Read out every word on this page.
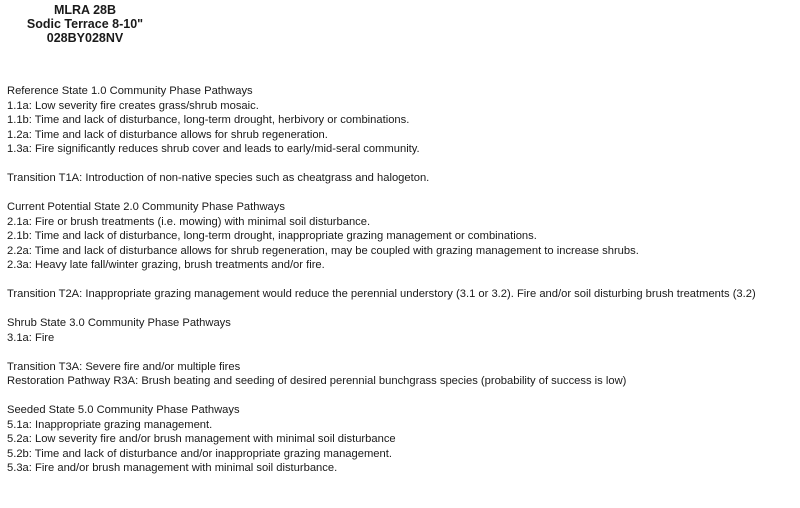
MLRA 28B
Sodic Terrace 8-10"
028BY028NV
Reference State 1.0 Community Phase Pathways
1.1a: Low severity fire creates grass/shrub mosaic.
1.1b: Time and lack of disturbance, long-term drought, herbivory or combinations.
1.2a: Time and lack of disturbance allows for shrub regeneration.
1.3a: Fire significantly reduces shrub cover and leads to early/mid-seral community.
Transition T1A: Introduction of non-native species such as cheatgrass and halogeton.
Current Potential State 2.0 Community Phase Pathways
2.1a: Fire or brush treatments (i.e. mowing) with minimal soil disturbance.
2.1b: Time and lack of disturbance, long-term drought, inappropriate grazing management or combinations.
2.2a: Time and lack of disturbance allows for shrub regeneration, may be coupled with grazing management to increase shrubs.
2.3a: Heavy late fall/winter grazing, brush treatments and/or fire.
Transition T2A: Inappropriate grazing management would reduce the perennial understory (3.1 or 3.2). Fire and/or soil disturbing brush treatments (3.2)
Shrub State 3.0 Community Phase Pathways
3.1a: Fire
Transition T3A: Severe fire and/or multiple fires
Restoration Pathway R3A: Brush beating and seeding of desired perennial bunchgrass species (probability of success is low)
Seeded State 5.0 Community Phase Pathways
5.1a: Inappropriate grazing management.
5.2a: Low severity fire and/or brush management with minimal soil disturbance
5.2b: Time and lack of disturbance and/or inappropriate grazing management.
5.3a: Fire and/or brush management with minimal soil disturbance.
